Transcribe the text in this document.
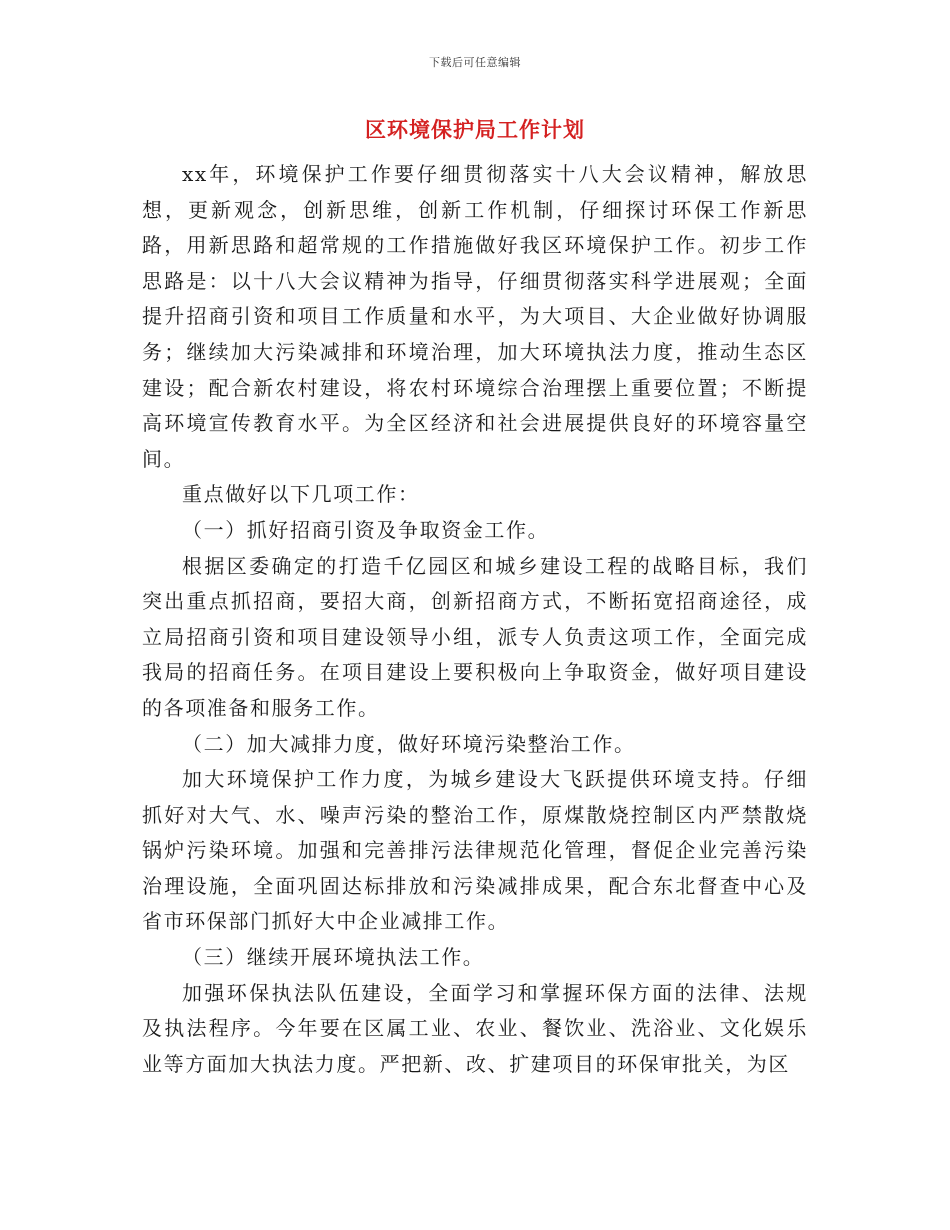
下载后可任意编辑
区环境保护局工作计划

xx年，环境保护工作要仔细贯彻落实十八大会议精神，解放思想，更新观念，创新思维，创新工作机制，仔细探讨环保工作新思路，用新思路和超常规的工作措施做好我区环境保护工作。初步工作思路是：以十八大会议精神为指导，仔细贯彻落实科学进展观；全面提升招商引资和项目工作质量和水平，为大项目、大企业做好协调服务；继续加大污染减排和环境治理，加大环境执法力度，推动生态区建设；配合新农村建设，将农村环境综合治理摆上重要位置；不断提高环境宣传教育水平。为全区经济和社会进展提供良好的环境容量空间。

重点做好以下几项工作：

（一）抓好招商引资及争取资金工作。

根据区委确定的打造千亿园区和城乡建设工程的战略目标，我们突出重点抓招商，要招大商，创新招商方式，不断拓宽招商途径，成立局招商引资和项目建设领导小组，派专人负责这项工作，全面完成我局的招商任务。在项目建设上要积极向上争取资金，做好项目建设的各项准备和服务工作。

（二）加大减排力度，做好环境污染整治工作。

加大环境保护工作力度，为城乡建设大飞跃提供环境支持。仔细抓好对大气、水、噪声污染的整治工作，原煤散烧控制区内严禁散烧锅炉污染环境。加强和完善排污法律规范化管理，督促企业完善污染治理设施，全面巩固达标排放和污染减排成果，配合东北督查中心及省市环保部门抓好大中企业减排工作。

（三）继续开展环境执法工作。

加强环保执法队伍建设，全面学习和掌握环保方面的法律、法规及执法程序。今年要在区属工业、农业、餐饮业、洗浴业、文化娱乐业等方面加大执法力度。严把新、改、扩建项目的环保审批关，为区
